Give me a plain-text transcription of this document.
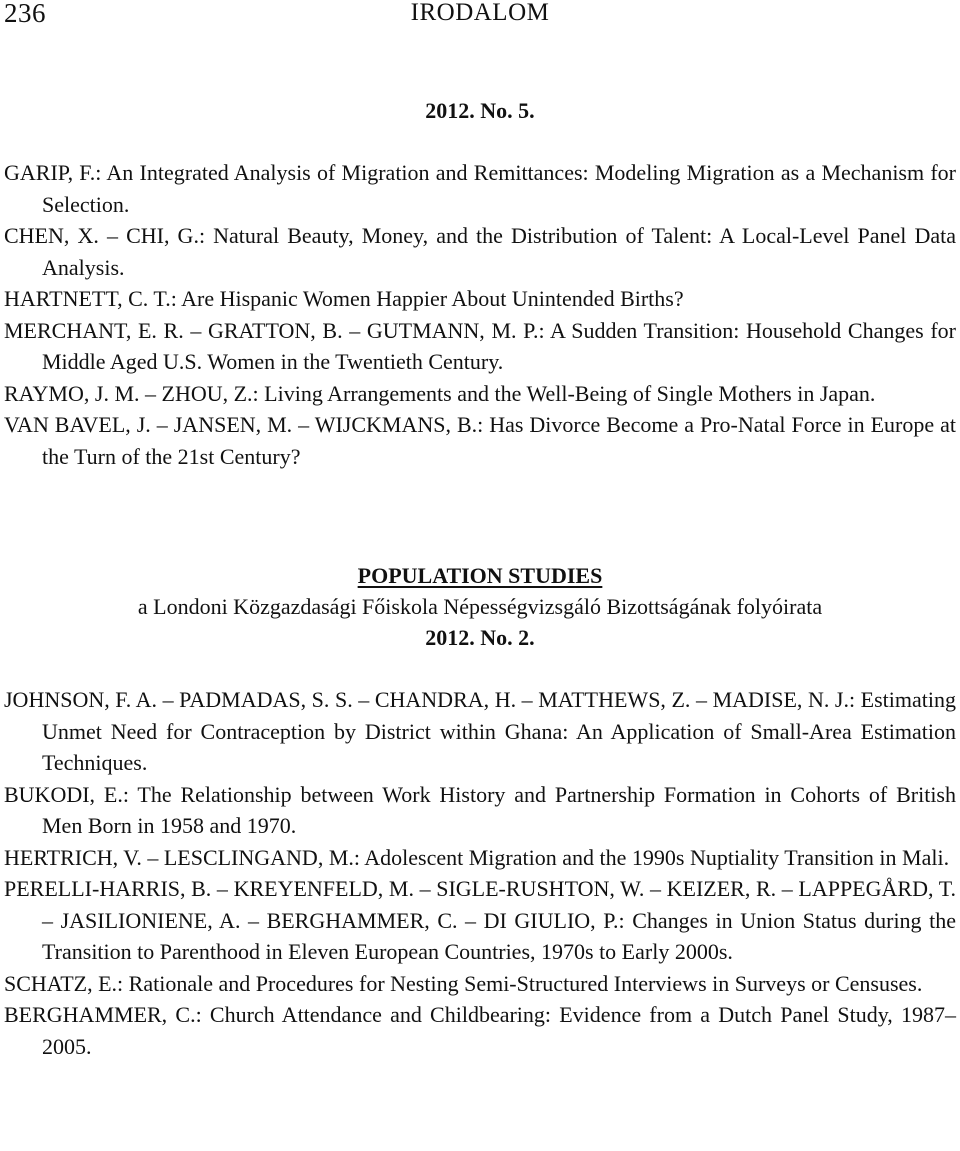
236	IRODALOM
2012. No. 5.
GARIP, F.: An Integrated Analysis of Migration and Remittances: Modeling Migration as a Mechanism for Selection.
CHEN, X. – CHI, G.: Natural Beauty, Money, and the Distribution of Talent: A Local-Level Panel Data Analysis.
HARTNETT, C. T.: Are Hispanic Women Happier About Unintended Births?
MERCHANT, E. R. – GRATTON, B. – GUTMANN, M. P.: A Sudden Transition: Household Changes for Middle Aged U.S. Women in the Twentieth Century.
RAYMO, J. M. – ZHOU, Z.: Living Arrangements and the Well-Being of Single Mothers in Japan.
VAN BAVEL, J. – JANSEN, M. – WIJCKMANS, B.: Has Divorce Become a Pro-Natal Force in Europe at the Turn of the 21st Century?
POPULATION STUDIES
a Londoni Közgazdasági Főiskola Népességvizsgáló Bizottságának folyóirata
2012. No. 2.
JOHNSON, F. A. – PADMADAS, S. S. – CHANDRA, H. – MATTHEWS, Z. – MADISE, N. J.: Estimating Unmet Need for Contraception by District within Ghana: An Application of Small-Area Estimation Techniques.
BUKODI, E.: The Relationship between Work History and Partnership Formation in Cohorts of British Men Born in 1958 and 1970.
HERTRICH, V. – LESCLINGAND, M.: Adolescent Migration and the 1990s Nuptiality Transition in Mali.
PERELLI-HARRIS, B. – KREYENFELD, M. – SIGLE-RUSHTON, W. – KEIZER, R. – LAPPEGÅRD, T. – JASILIONIENE, A. – BERGHAMMER, C. – DI GIULIO, P.: Changes in Union Status during the Transition to Parenthood in Eleven European Countries, 1970s to Early 2000s.
SCHATZ, E.: Rationale and Procedures for Nesting Semi-Structured Interviews in Surveys or Censuses.
BERGHAMMER, C.: Church Attendance and Childbearing: Evidence from a Dutch Panel Study, 1987–2005.
